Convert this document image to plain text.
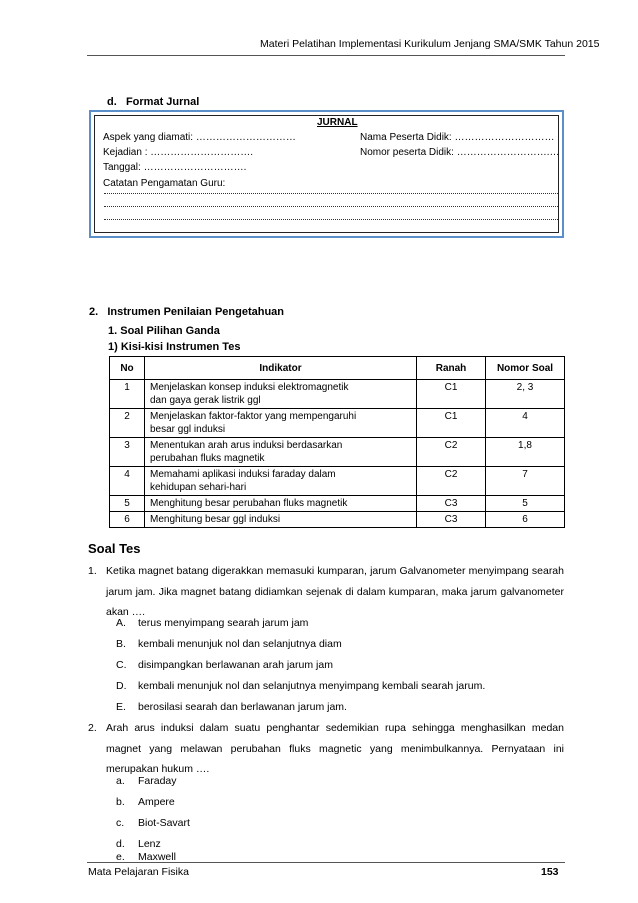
Materi Pelatihan Implementasi Kurikulum Jenjang SMA/SMK Tahun 2015
d. Format Jurnal
JURNAL
Aspek yang diamati: …………………………	Nama Peserta Didik: …………………………
Kejadian : ………………………….	Nomor peserta Didik: ……………………….…
Tanggal: ………………………….
Catatan Pengamatan Guru:
2. Instrumen Penilaian Pengetahuan
1. Soal Pilihan Ganda
1) Kisi-kisi Instrumen Tes
No	Indikator	Ranah	Nomor Soal
1	Menjelaskan konsep induksi elektromagnetik dan gaya gerak listrik ggl	C1	2, 3
2	Menjelaskan faktor-faktor yang mempengaruhi besar ggl induksi	C1	4
3	Menentukan arah arus induksi berdasarkan perubahan fluks magnetik	C2	1,8
4	Memahami aplikasi induksi faraday dalam kehidupan sehari-hari	C2	7
5	Menghitung besar perubahan fluks magnetik	C3	5
6	Menghitung besar ggl induksi	C3	6
Soal Tes
1. Ketika magnet batang digerakkan memasuki kumparan, jarum Galvanometer menyimpang searah jarum jam. Jika magnet batang didiamkan sejenak di dalam kumparan, maka jarum galvanometer akan ….
A. terus menyimpang searah jarum jam
B. kembali menunjuk nol dan selanjutnya diam
C. disimpangkan berlawanan arah jarum jam
D. kembali menunjuk nol dan selanjutnya menyimpang kembali searah jarum.
E. berosilasi searah dan berlawanan jarum jam.
2. Arah arus induksi dalam suatu penghantar sedemikian rupa sehingga menghasilkan medan magnet yang melawan perubahan fluks magnetic yang menimbulkannya. Pernyataan ini merupakan hukum ….
a. Faraday
b. Ampere
c. Biot-Savart
d. Lenz
e. Maxwell
Mata Pelajaran Fisika	153
